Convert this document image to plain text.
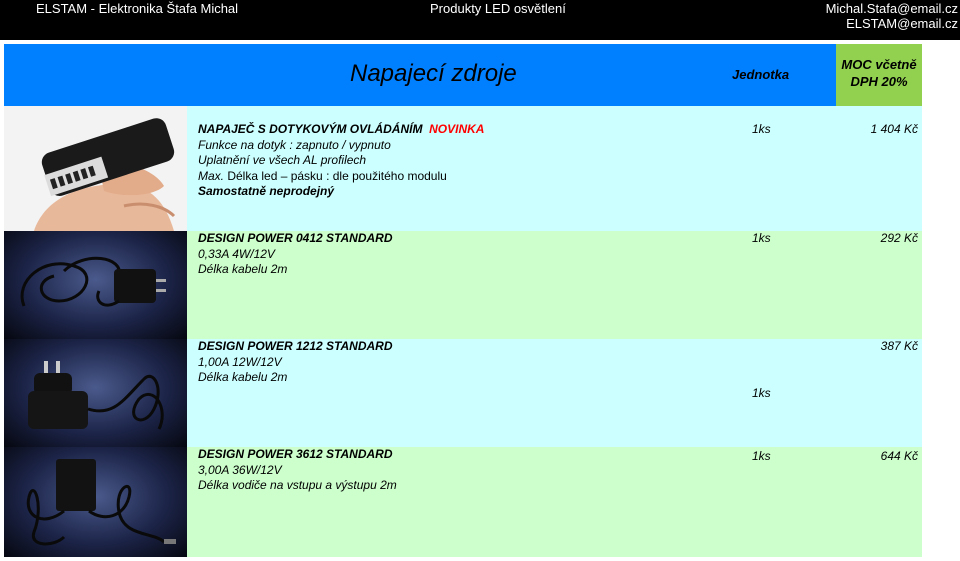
ELSTAM - Elektronika Štafa Michal	Produkty LED osvětlení	Michal.Stafa@email.cz
ELSTAM@email.cz
Napajecí zdroje	Jednotka
MOC včetně
DPH 20%
NAPAJEČ S DOTYKOVÝM OVLÁDÁNÍM NOVINKA
Funkce na dotyk : zapnuto / vypnuto
Uplatnění ve všech AL profilech
Max. Délka led – pásku : dle použitého modulu
Samostatně neprodejný
1ks	1 404 Kč
DESIGN POWER 0412 STANDARD
0,33A 4W/12V
Délka kabelu 2m
1ks	292 Kč
DESIGN POWER 1212 STANDARD
1,00A 12W/12V
Délka kabelu 2m
1ks
387 Kč
DESIGN POWER 3612 STANDARD
3,00A 36W/12V
Délka vodiče na vstupu a výstupu 2m
1ks	644 Kč
